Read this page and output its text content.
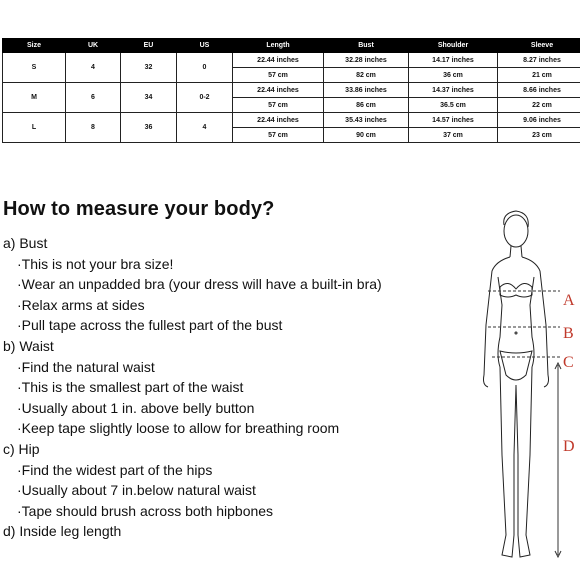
Size	UK	EU	US	Length	Bust	Shoulder	Sleeve
S	4	32	0	22.44 inches	32.28 inches	14.17 inches	8.27 inches
				57 cm	82 cm	36 cm	21 cm
M	6	34	0-2	22.44 inches	33.86 inches	14.37 inches	8.66 inches
				57 cm	86 cm	36.5 cm	22 cm
L	8	36	4	22.44 inches	35.43 inches	14.57 inches	9.06 inches
				57 cm	90 cm	37 cm	23 cm
How to measure your body?
a) Bust
·This is not your bra size!
·Wear an unpadded bra (your dress will have a built-in bra)
·Relax arms at sides
·Pull tape across the fullest part of the bust
b) Waist
·Find the natural waist
·This is the smallest part of the waist
·Usually about 1 in. above belly button
·Keep tape slightly loose to allow for breathing room
c) Hip
·Find the widest part of the hips
·Usually about 7 in.below natural waist
·Tape should brush across both hipbones
d) Inside leg length
A
B
C
D
